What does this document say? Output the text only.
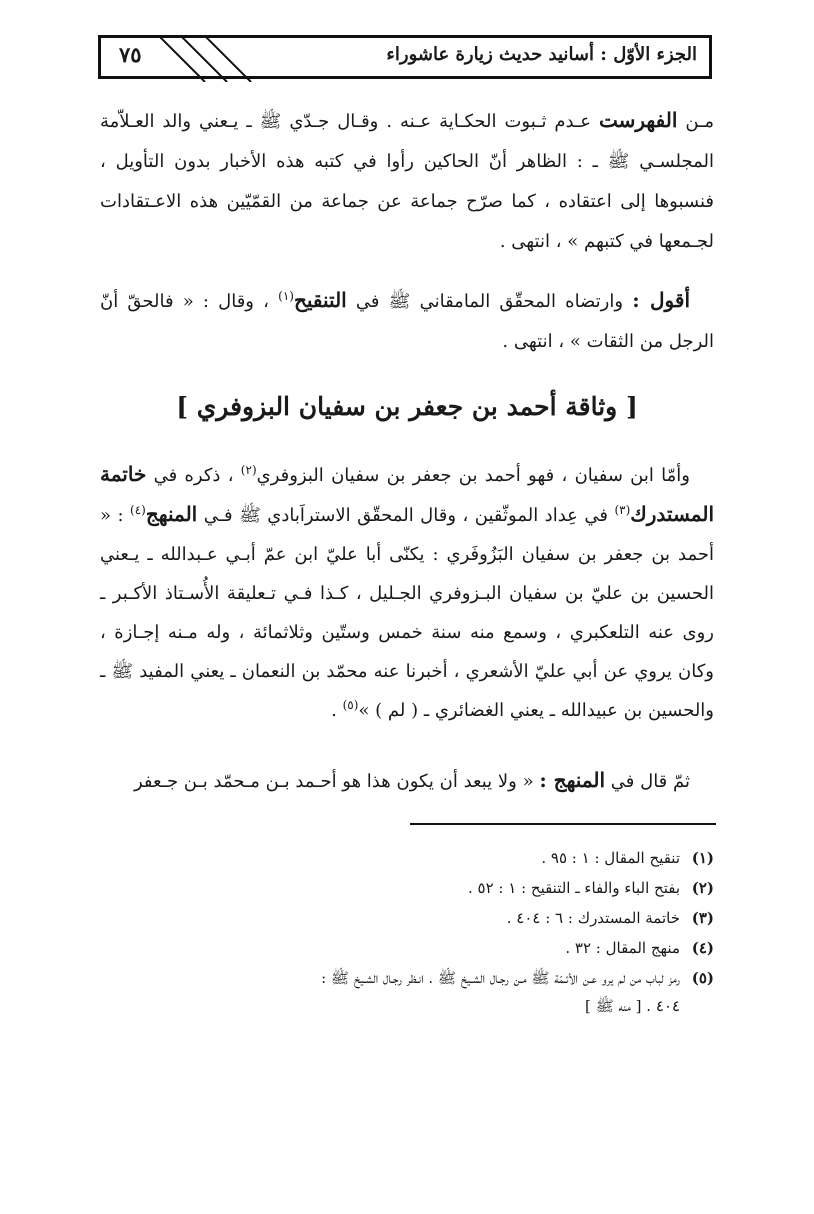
الجزء الأوّل : أسانيد حديث زيارة عاشوراء
٧٥

مـن الفهرست عـدم ثـبوت الحكـاية عـنه . وقـال جـدّي ﷺ ـ يـعني والد العـلاّمة المجلسـي ﷺ ـ : الظاهر أنّ الحاكين رأوا في كتبه هذه الأخبار بدون التأويل ، فنسبوها إلى اعتقاده ، كما صرّح جماعة عن جماعة من القمّيّين هذه الاعـتقادات لجـمعها في كتبهم » ، انتهى .

أقول : وارتضاه المحقّق المامقاني ﷺ في التنقيح$^{(١)}$ ، وقال : « فالحقّ أنّ الرجل من الثقات » ، انتهى .

[ وثاقة أحمد بن جعفر بن سفيان البزوفري ]

وأمّا ابن سفيان ، فهو أحمد بن جعفر بن سفيان البزوفري$^{(٢)}$ ، ذكره في خاتمة المستدرك$^{(٣)}$ في عِداد الموثّقين ، وقال المحقّق الاستراَبادي ﷺ فـي المنهج$^{(٤)}$ : « أحمد بن جعفر بن سفيان البَزُوفَري : يكنّى أبا عليّ ابن عمّ أبـي عـبدالله ـ يـعني الحسين بن عليّ بن سفيان البـزوفري الجـليل ، كـذا فـي تـعليقة الأُسـتاذ الأكـبر ـ روى عنه التلعكبري ، وسمع منه سنة خمس وستّين وثلاثمائة ، وله مـنه إجـازة ، وكان يروي عن أبي عليّ الأشعري ، أخبرنا عنه محمّد بن النعمان ـ يعني المفيد ﷺ ـ والحسين بن عبيدالله ـ يعني الغضائري ـ ( لم ) »$^{(٥)}$ .

ثمّ قال في المنهج : « ولا يبعد أن يكون هذا هو أحـمد بـن مـحمّد بـن جـعفر

(١)تنقيح المقال : ١ : ٩٥ .

(٢)بفتح الباء والفاء ـ التنقيح : ١ : ٥٢ .

(٣)خاتمة المستدرك : ٦ : ٤٠٤ .

(٤)منهج المقال : ٣٢ .

(٥)رمز لباب من لم يرو عـن الأئـمّة ﷺ مـن رجـال الشـيخ ﷺ . انـظر رجـال الشـيخ ﷺ :

٤٠٤ . [ منه ﷺ ]
